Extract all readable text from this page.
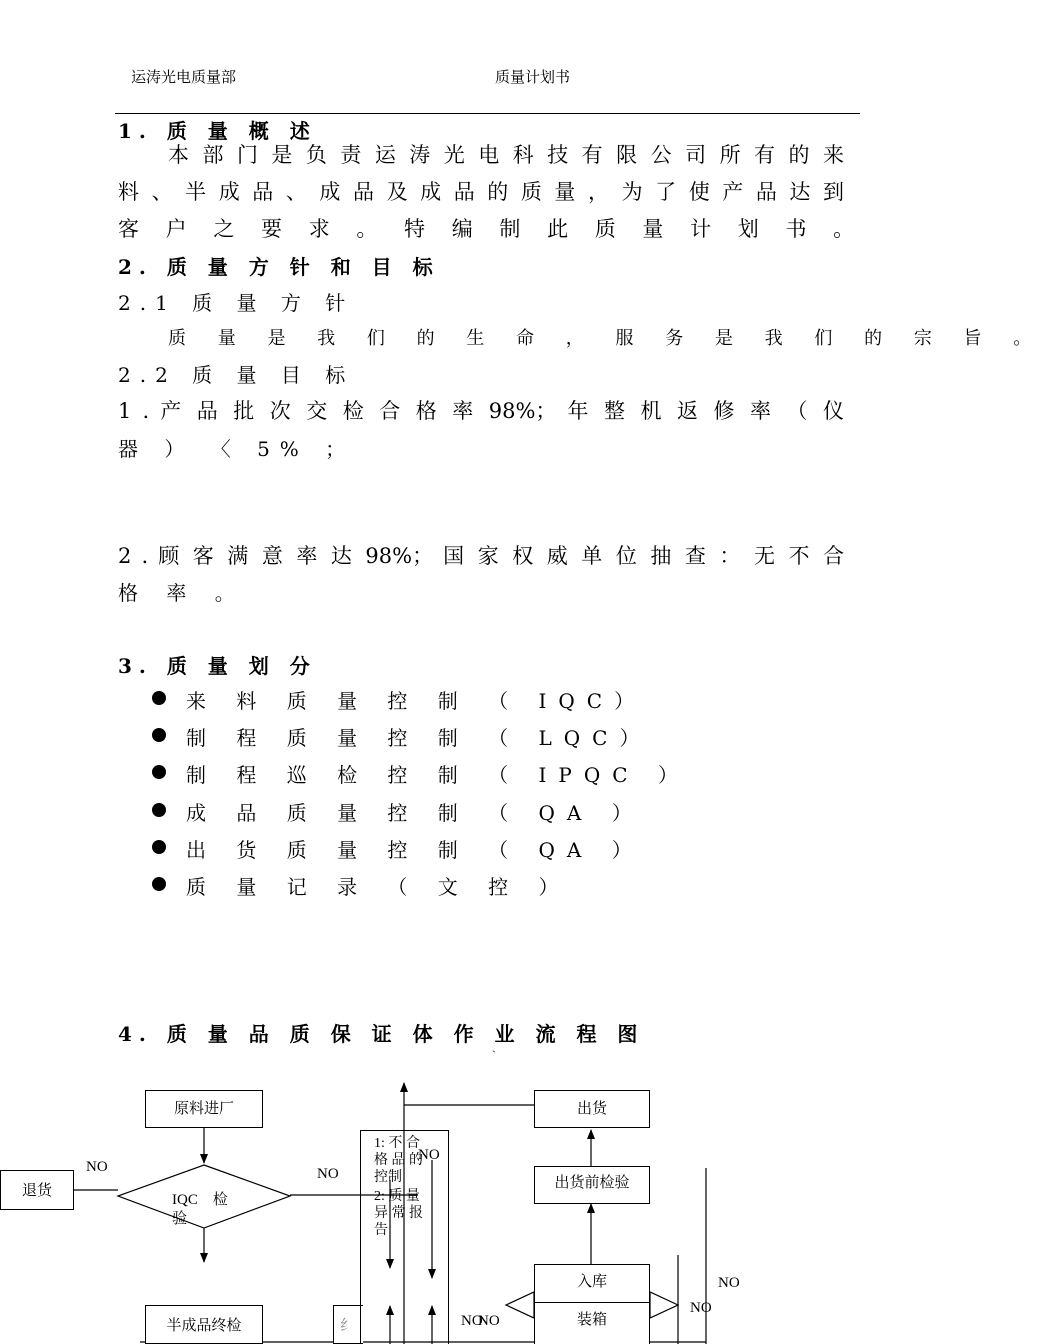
运涛光电质量部	质量计划书
1. 质 量 概 述
本 部 门 是 负 责 运 涛 光 电 科 技 有 限 公 司 所 有 的 来
料 、 半 成 品 、 成 品 及 成 品 的 质 量 ， 为 了 使 产 品 达 到
客 户 之 要 求 。 特 编 制 此 质 量 计 划 书 。
2. 质 量 方 针 和 目 标
2.1 质 量 方 针
质 量 是 我 们 的 生 命 ， 服 务 是 我 们 的 宗 旨 。
2.2 质 量 目 标
1 . 产 品 批 次 交 检 合 格 率 98%； 年 整 机 返 修 率 （ 仪
器 ） 〈 5% ；
2 . 顾 客 满 意 率 达 98%； 国 家 权 威 单 位 抽 查 ： 无 不 合
格 率 。
3. 质 量 划 分
来 料 质 量 控 制 （ IQC）
制 程 质 量 控 制 （ LQC）
制 程 巡 检 控 制 （ IPQC ）
成 品 质 量 控 制 （ QA ）
出 货 质 量 控 制 （ QA ）
质 量 记 录 （ 文 控 ）
4. 质 量 品 质 保 证 体 作 业 流 程 图
`
原料进厂
IQC　检
验
退货
半成品终检	纟
1: 不 合
格 品 的
控制
2: 质 量
异 常 报
告
出货
出货前检验
入库
装箱
NO	NO
NO
NO
NO
NO
NO
